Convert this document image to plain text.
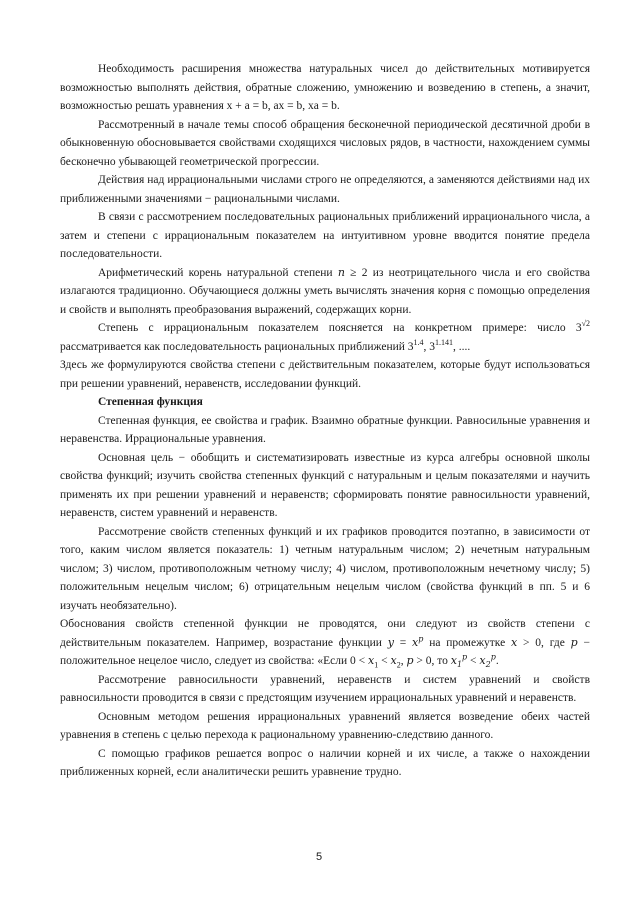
Необходимость расширения множества натуральных чисел до действительных мотивируется возможностью выполнять действия, обратные сложению, умножению и возведению в степень, а значит, возможностью решать уравнения x + a = b, ax = b, xa = b.

Рассмотренный в начале темы способ обращения бесконечной периодической десятичной дроби в обыкновенную обосновывается свойствами сходящихся числовых рядов, в частности, нахождением суммы бесконечно убывающей геометрической прогрессии.

Действия над иррациональными числами строго не определяются, а заменяются действиями над их приближенными значениями − рациональными числами.

В связи с рассмотрением последовательных рациональных приближений иррационального числа, а затем и степени с иррациональным показателем на интуитивном уровне вводится понятие предела последовательности.

Арифметический корень натуральной степени n ≥ 2 из неотрицательного числа и его свойства излагаются традиционно. Обучающиеся должны уметь вычислять значения корня с помощью определения и свойств и выполнять преобразования выражений, содержащих корни.

Степень с иррациональным показателем поясняется на конкретном примере: число $3^{√2}$ рассматривается как последовательность рациональных приближений $3^{1.4}$, $3^{1.141}$, ....

Здесь же формулируются свойства степени с действительным показателем, которые будут использоваться при решении уравнений, неравенств, исследовании функций.

Степенная функция

Степенная функция, ее свойства и график. Взаимно обратные функции. Равносильные уравнения и неравенства. Иррациональные уравнения.

Основная цель − обобщить и систематизировать известные из курса алгебры основной школы свойства функций; изучить свойства степенных функций с натуральным и целым показателями и научить применять их при решении уравнений и неравенств; сформировать понятие равносильности уравнений, неравенств, систем уравнений и неравенств.

Рассмотрение свойств степенных функций и их графиков проводится поэтапно, в зависимости от того, каким числом является показатель: 1) четным натуральным числом; 2) нечетным натуральным числом; 3) числом, противоположным четному числу; 4) числом, противоположным нечетному числу; 5) положительным нецелым числом; 6) отрицательным нецелым числом (свойства функций в пп. 5 и 6 изучать необязательно).

Обоснования свойств степенной функции не проводятся, они следуют из свойств степени с действительным показателем. Например, возрастание функции $y = x^p$ на промежутке x > 0, где p − положительное нецелое число, следует из свойства: «Если $0 < x_1 < x_2$, p > 0, то $x_1^p < x_2^p$.

Рассмотрение равносильности уравнений, неравенств и систем уравнений и свойств равносильности проводится в связи с предстоящим изучением иррациональных уравнений и неравенств.

Основным методом решения иррациональных уравнений является возведение обеих частей уравнения в степень с целью перехода к рациональному уравнению-следствию данного.

С помощью графиков решается вопрос о наличии корней и их числе, а также о нахождении приближенных корней, если аналитически решить уравнение трудно.

5
